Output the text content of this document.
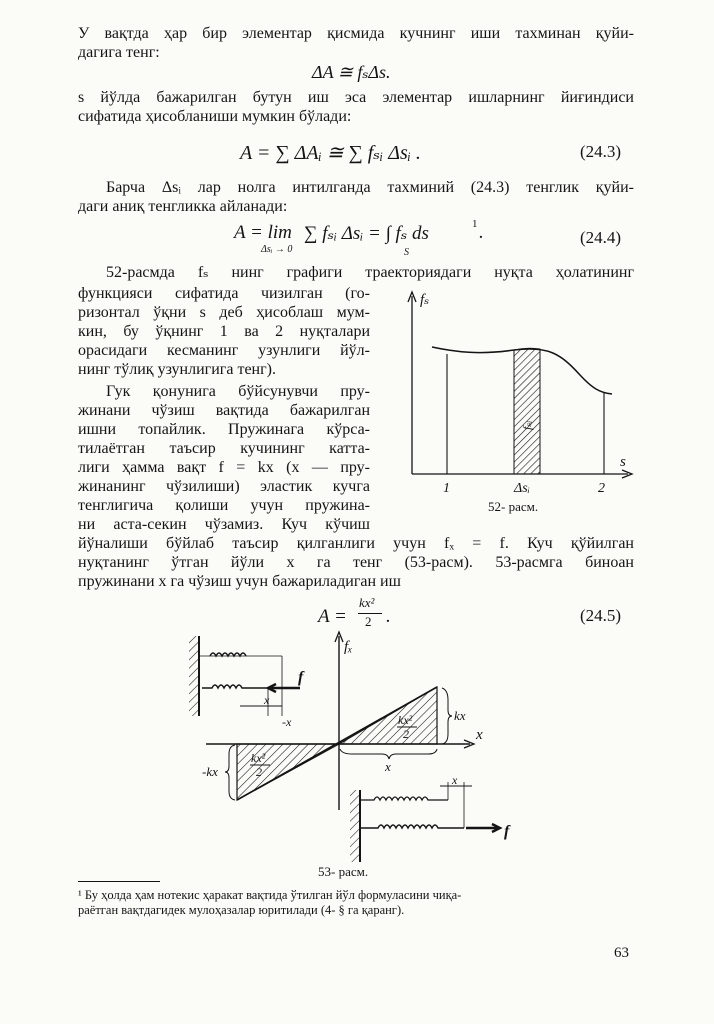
У вақтда ҳар бир элементар қисмида кучнинг иши тахминан қуйи-
дагига тенг:
ΔA ≅ fₛΔs.
s йўлда бажарилган бутун иш эса элементар ишларнинг йиғиндиси
сифатида ҳисобланиши мумкин бўлади:
A = ∑ ΔAᵢ ≅ ∑ fₛᵢ Δsᵢ .	(24.3)
Барча Δsᵢ лар нолга интилганда тахминий (24.3) тенглик қуйи-
даги аниқ тенгликка айланади:
A = lim
Δsᵢ → 0
∑ fₛᵢ Δsᵢ = ∫ fₛ ds	1 .
S
(24.4)
52-расмда fₛ нинг графиги траекториядаги нуқта ҳолатининг
функцияси сифатида чизилган (го-
ризонтал ўқни s деб ҳисоблаш мум-
кин, бу ўқнинг 1 ва 2 нуқталари
орасидаги кесманинг узунлиги йўл-
нинг тўлиқ узунлигига тенг).
Гук қонунига бўйсунувчи пру-
жинани чўзиш вақтида бажарилган
ишни топайлик. Пружинага кўрса-
тилаётган таъсир кучининг катта-
лиги ҳамма вақт f = kx (x — пру-
жинанинг чўзилиши) эластик кучга
тенглигича қолиши учун пружина-
ни аста-секин чўзамиз. Куч кўчиш
йўналиши бўйлаб таъсир қилганлиги учун fₓ = f. Куч қўйилган
нуқтанинг ўтган йўли x га тенг (53-расм). 53-расмга биноан
пружинани x га чўзиш учун бажариладиган иш
A =
kx²
2 .	(24.5)
fₛ
s
fₛᵢ
1	Δsᵢ	2
52- расм.
fₓ
x
kx²
2
kx
x
kx²
2
-kx
f
x
-x
x
f
53- расм.
¹ Бу ҳолда ҳам нотекис ҳаракат вақтида ўтилган йўл формуласини чиқа-
раётган вақтдагидек мулоҳазалар юритилади (4- § га қаранг).
63
